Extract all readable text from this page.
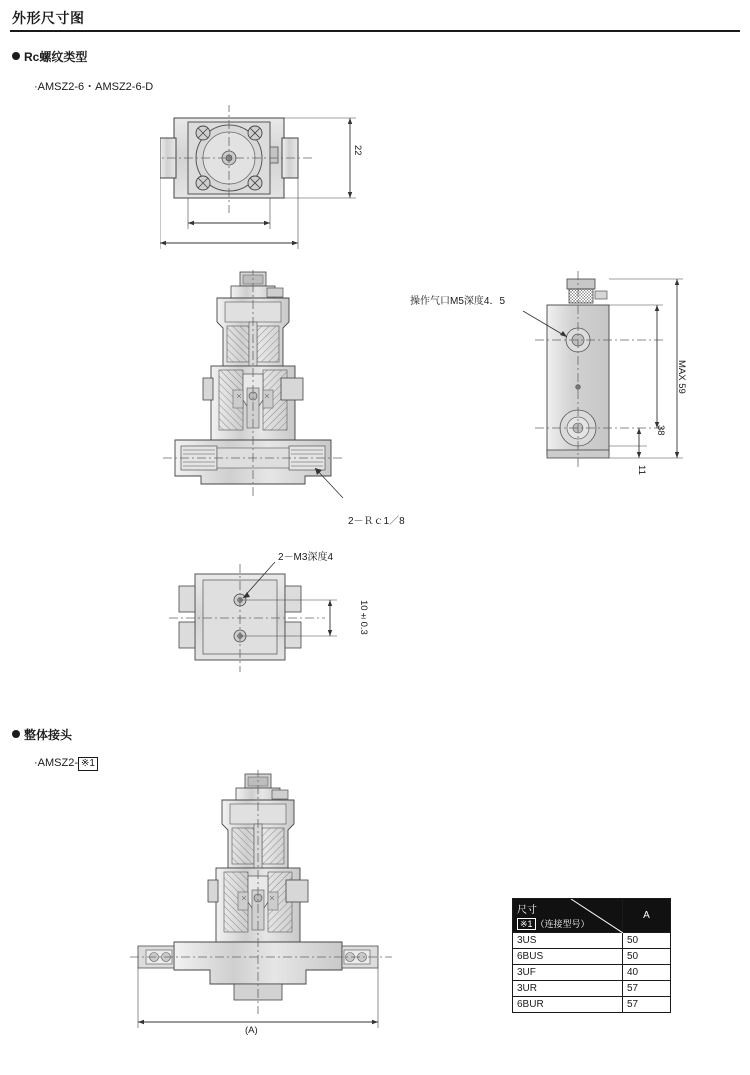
外形尺寸图
Rc螺纹类型
·AMSZ2-6・AMSZ2-6-D
22
2－Ｒｃ1／8
操作气口M5深度4．5
MAX 59
38
11
2－M3深度4
10±0.3
整体接头
·AMSZ2- ※1
(A)
尺寸
※1 （连接型号）	A
3US	50
6BUS	50
3UF	40
3UR	57
6BUR	57
